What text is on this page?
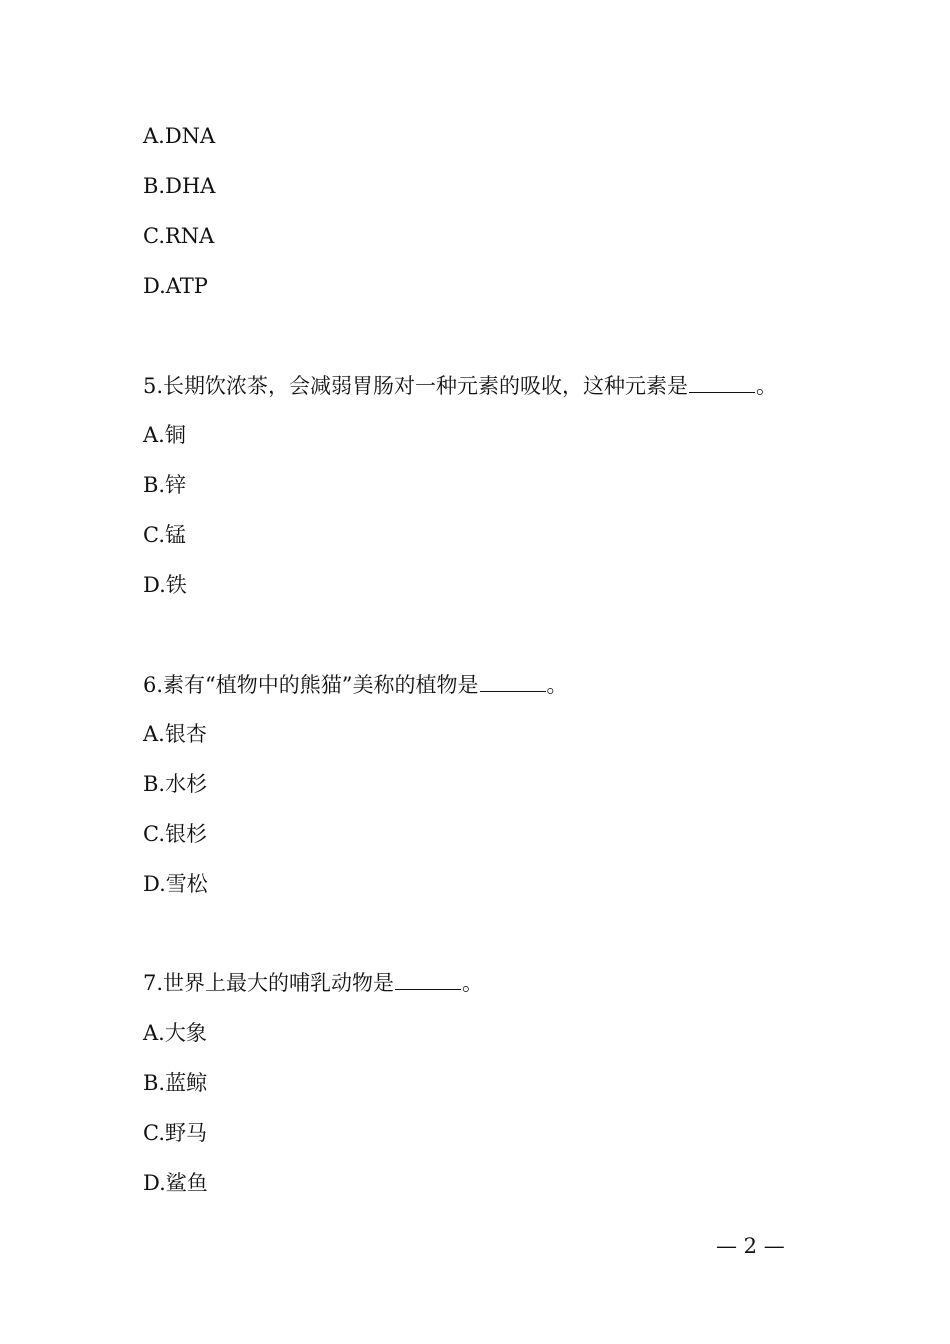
A.DNA
B.DHA
C.RNA
D.ATP
5.长期饮浓茶，会减弱胃肠对一种元素的吸收，这种元素是	。
A.铜
B.锌
C.锰
D.铁
6.素有“植物中的熊猫”美称的植物是	。
A.银杏
B.水杉
C.银杉
D.雪松
7.世界上最大的哺乳动物是	。
A.大象
B.蓝鲸
C.野马
D.鲨鱼
— 2 —
